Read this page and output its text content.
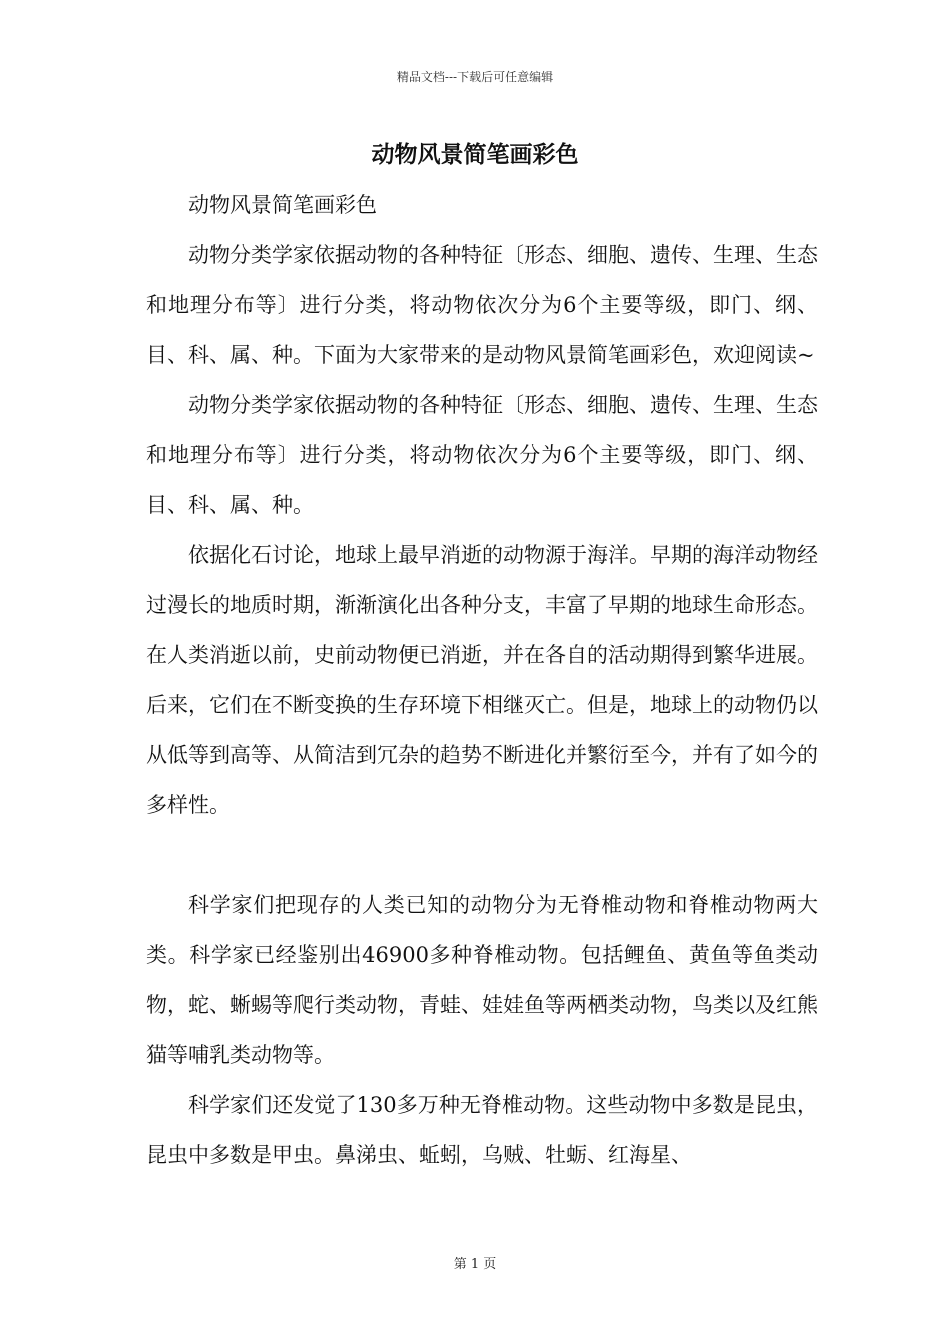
精品文档---下载后可任意编辑
动物风景简笔画彩色

动物风景简笔画彩色

动物分类学家依据动物的各种特征〔形态、细胞、遗传、生理、生态和地理分布等〕进行分类，将动物依次分为6个主要等级，即门、纲、目、科、属、种。下面为大家带来的是动物风景简笔画彩色，欢迎阅读~

动物分类学家依据动物的各种特征〔形态、细胞、遗传、生理、生态和地理分布等〕进行分类，将动物依次分为6个主要等级，即门、纲、目、科、属、种。

依据化石讨论，地球上最早消逝的动物源于海洋。早期的海洋动物经过漫长的地质时期，渐渐演化出各种分支，丰富了早期的地球生命形态。在人类消逝以前，史前动物便已消逝，并在各自的活动期得到繁华进展。后来，它们在不断变换的生存环境下相继灭亡。但是，地球上的动物仍以从低等到高等、从简洁到冗杂的趋势不断进化并繁衍至今，并有了如今的多样性。

科学家们把现存的人类已知的动物分为无脊椎动物和脊椎动物两大类。科学家已经鉴别出46900多种脊椎动物。包括鲤鱼、黄鱼等鱼类动物，蛇、蜥蜴等爬行类动物，青蛙、娃娃鱼等两栖类动物，鸟类以及红熊猫等哺乳类动物等。

科学家们还发觉了130多万种无脊椎动物。这些动物中多数是昆虫，昆虫中多数是甲虫。鼻涕虫、蚯蚓，乌贼、牡蛎、红海星、

第 1 页
